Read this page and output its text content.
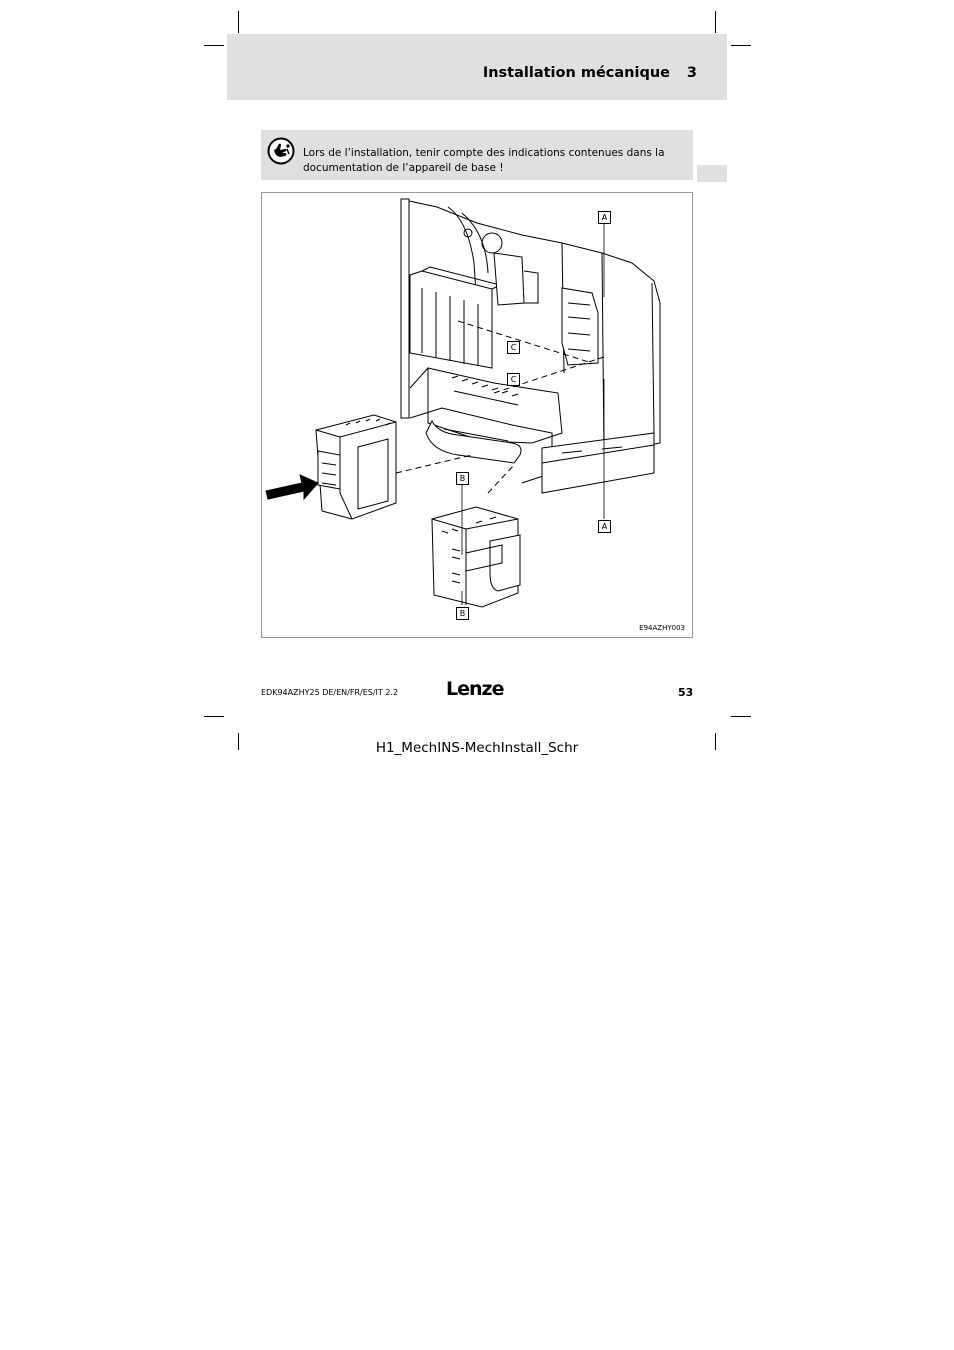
Installation mécanique 3
Lors de l’installation, tenir compte des indications contenues dans la
documentation de l’appareil de base !
A
C
C
B
B
A
E94AZHY003
EDK94AZHY25 DE/EN/FR/ES/IT 2.2	Lenze	53
H1_MechINS-MechInstall_Schr
